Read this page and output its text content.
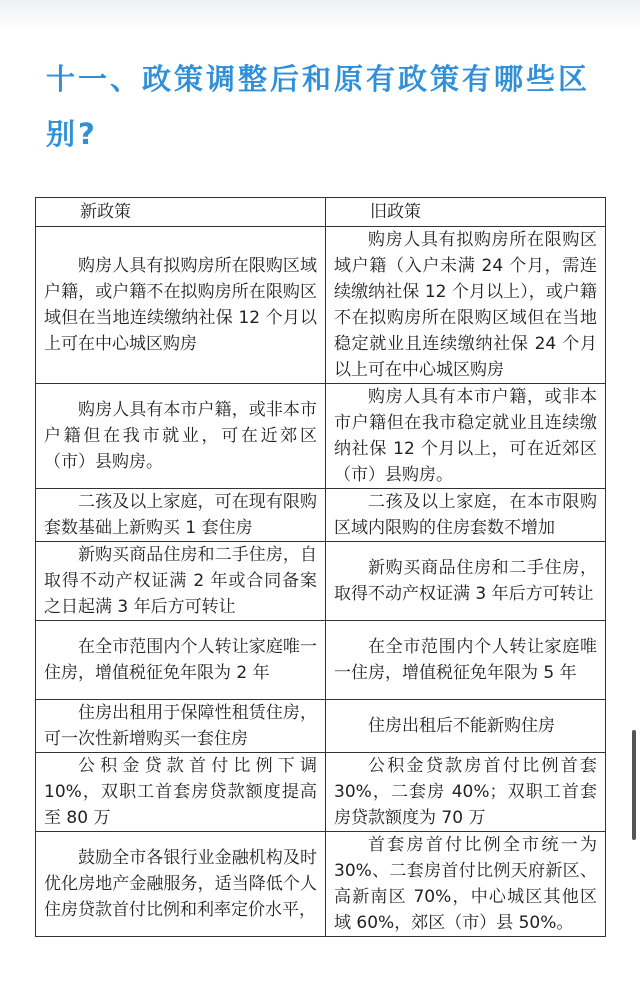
十一、政策调整后和原有政策有哪些区别?
新政策	旧政策

购房人具有拟购房所在限购区域户籍，或户籍不在拟购房所在限购区域但在当地连续缴纳社保 12 个月以上可在中心城区购房	购房人具有拟购房所在限购区域户籍（入户未满 24 个月，需连续缴纳社保 12 个月以上），或户籍不在拟购房所在限购区域但在当地稳定就业且连续缴纳社保 24 个月以上可在中心城区购房

购房人具有本市户籍，或非本市户籍但在我市就业，可在近郊区（市）县购房。	购房人具有本市户籍，或非本市户籍但在我市稳定就业且连续缴纳社保 12 个月以上，可在近郊区（市）县购房。

二孩及以上家庭，可在现有限购套数基础上新购买 1 套住房	二孩及以上家庭，在本市限购区域内限购的住房套数不增加

新购买商品住房和二手住房，自取得不动产权证满 2 年或合同备案之日起满 3 年后方可转让	新购买商品住房和二手住房，取得不动产权证满 3 年后方可转让

在全市范围内个人转让家庭唯一住房，增值税征免年限为 2 年	在全市范围内个人转让家庭唯一住房，增值税征免年限为 5 年

住房出租用于保障性租赁住房，可一次性新增购买一套住房	住房出租后不能新购住房

公积金贷款首付比例下调 10%，双职工首套房贷款额度提高至 80 万	公积金贷款房首付比例首套 30%，二套房 40%；双职工首套房贷款额度为 70 万

鼓励全市各银行业金融机构及时优化房地产金融服务，适当降低个人住房贷款首付比例和利率定价水平，	首套房首付比例全市统一为 30%、二套房首付比例天府新区、高新南区 70%，中心城区其他区域 60%，郊区（市）县 50%。
